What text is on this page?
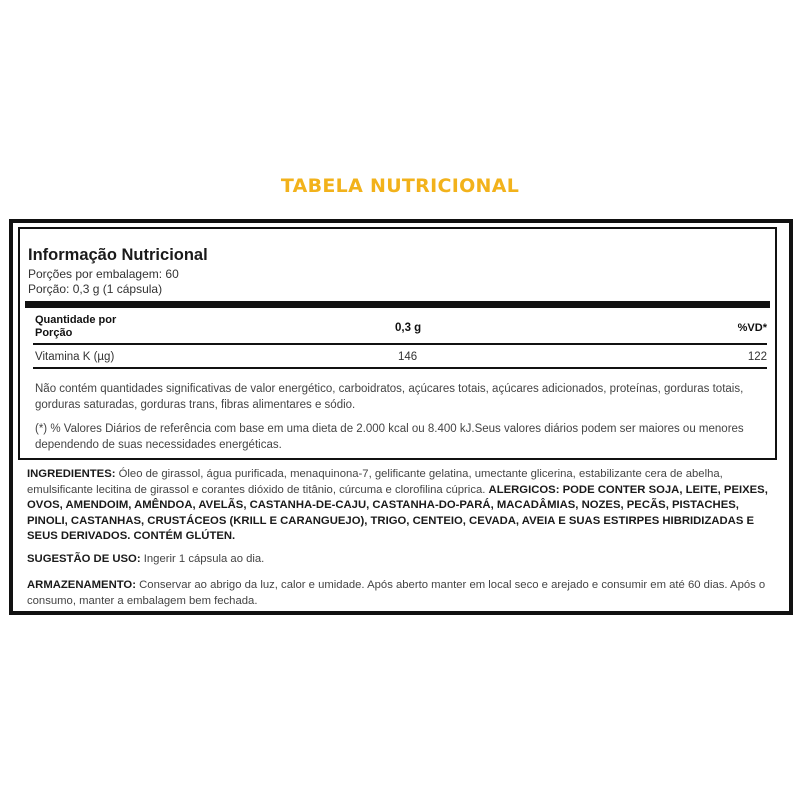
TABELA NUTRICIONAL
Informação Nutricional
Porções por embalagem: 60
Porção: 0,3 g (1 cápsula)
Quantidade por
Porção	0,3 g	%VD*
Vitamina K (µg)	146	122
Não contém quantidades significativas de valor energético, carboidratos, açúcares totais, açúcares adicionados, proteínas, gorduras totais, gorduras saturadas, gorduras trans, fibras alimentares e sódio.
(*) % Valores Diários de referência com base em uma dieta de 2.000 kcal ou 8.400 kJ.Seus valores diários podem ser maiores ou menores dependendo de suas necessidades energéticas.
INGREDIENTES: Óleo de girassol, água purificada, menaquinona-7, gelificante gelatina, umectante glicerina, estabilizante cera de abelha, emulsificante lecitina de girassol e corantes dióxido de titânio, cúrcuma e clorofilina cúprica. ALERGICOS: PODE CONTER SOJA, LEITE, PEIXES, OVOS, AMENDOIM, AMÊNDOA, AVELÃS, CASTANHA-DE-CAJU, CASTANHA-DO-PARÁ, MACADÂMIAS, NOZES, PECÃS, PISTACHES, PINOLI, CASTANHAS, CRUSTÁCEOS (KRILL E CARANGUEJO), TRIGO, CENTEIO, CEVADA, AVEIA E SUAS ESTIRPES HIBRIDIZADAS E SEUS DERIVADOS. CONTÉM GLÚTEN.
SUGESTÃO DE USO: Ingerir 1 cápsula ao dia.
ARMAZENAMENTO: Conservar ao abrigo da luz, calor e umidade. Após aberto manter em local seco e arejado e consumir em até 60 dias. Após o consumo, manter a embalagem bem fechada.
